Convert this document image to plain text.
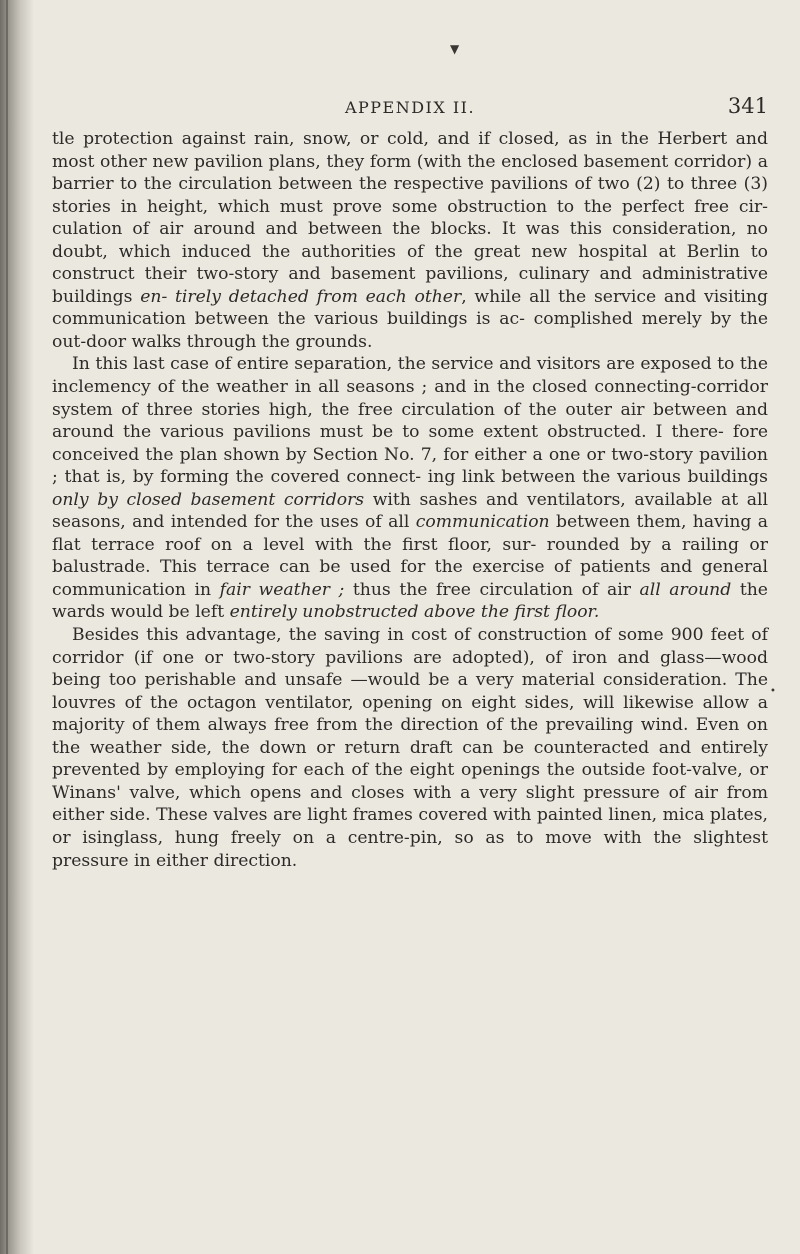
APPENDIX II.	341

tle protection against rain, snow, or cold, and if closed, as in the Herbert and most other new pavilion plans, they form (with the enclosed basement corridor) a barrier to the circulation between the respective pavilions of two (2) to three (3) stories in height, which must prove some obstruction to the perfect free cir- culation of air around and between the blocks. It was this consideration, no doubt, which induced the authorities of the great new hospital at Berlin to construct their two-story and basement pavilions, culinary and administrative buildings en- tirely detached from each other, while all the service and visiting communication between the various buildings is ac- complished merely by the out-door walks through the grounds.

In this last case of entire separation, the service and visitors are exposed to the inclemency of the weather in all seasons ; and in the closed connecting-corridor system of three stories high, the free circulation of the outer air between and around the various pavilions must be to some extent obstructed. I there- fore conceived the plan shown by Section No. 7, for either a one or two-story pavilion ; that is, by forming the covered connect- ing link between the various buildings only by closed basement corridors with sashes and ventilators, available at all seasons, and intended for the uses of all communication between them, having a flat terrace roof on a level with the first floor, sur- rounded by a railing or balustrade. This terrace can be used for the exercise of patients and general communication in fair weather ; thus the free circulation of air all around the wards would be left entirely unobstructed above the first floor.

Besides this advantage, the saving in cost of construction of some 900 feet of corridor (if one or two-story pavilions are adopted), of iron and glass—wood being too perishable and unsafe —would be a very material consideration. The louvres of the octagon ventilator, opening on eight sides, will likewise allow a majority of them always free from the direction of the prevailing wind. Even on the weather side, the down or return draft can be counteracted and entirely prevented by employing for each of the eight openings the outside foot-valve, or Winans' valve, which opens and closes with a very slight pressure of air from either side. These valves are light frames covered with painted linen, mica plates, or isinglass, hung freely on a centre-pin, so as to move with the slightest pressure in either direction.

▼
•
